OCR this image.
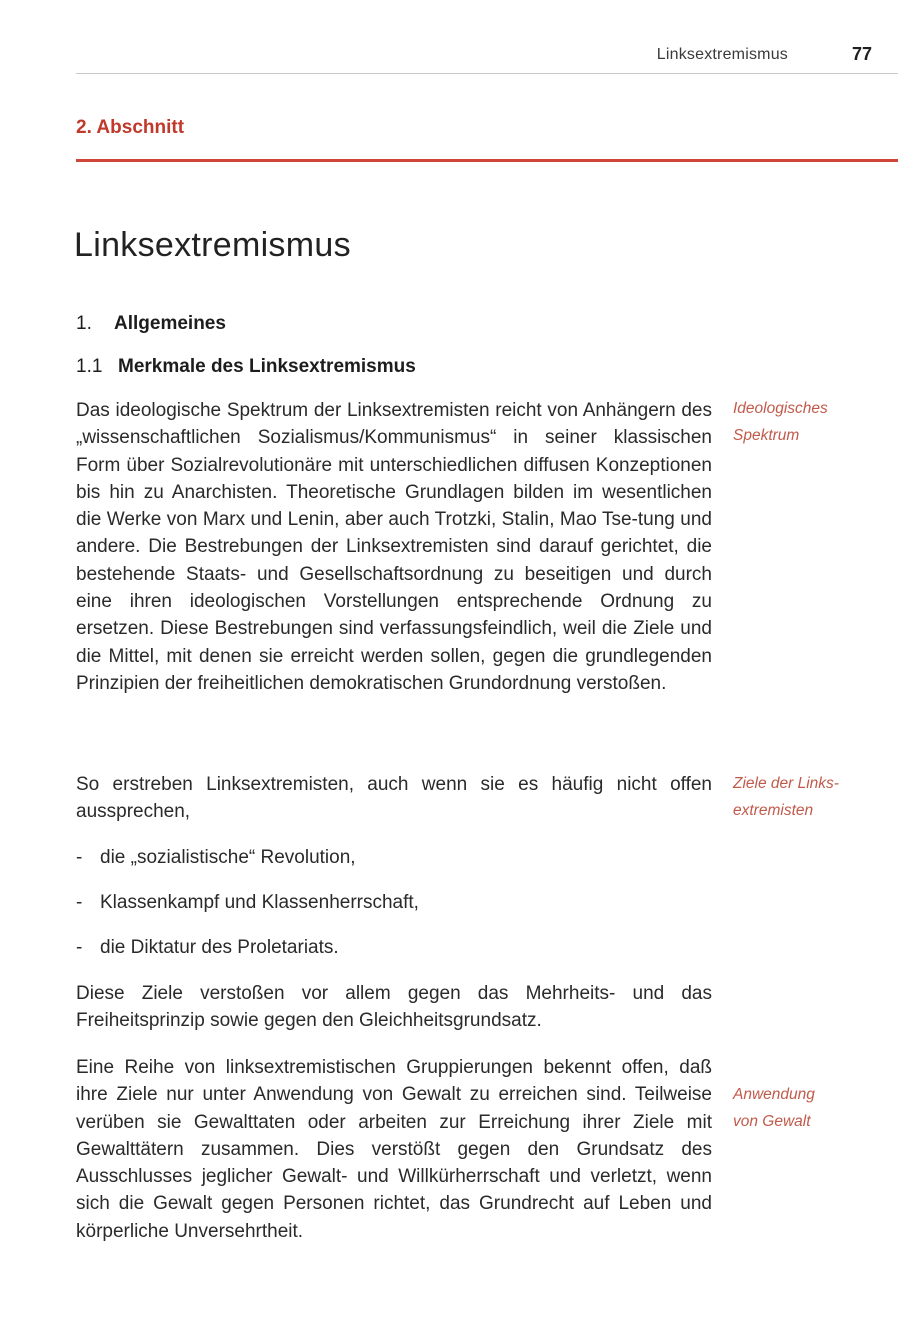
Linksextremismus	77
2. Abschnitt
Linksextremismus
1. Allgemeines
1.1 Merkmale des Linksextremismus

Das ideologische Spektrum der Linksextremisten reicht von Anhängern des „wissenschaftlichen Sozialismus/Kommunismus“ in seiner klassischen Form über Sozialrevolutionäre mit unterschiedlichen diffusen Konzeptionen bis hin zu Anarchisten. Theoretische Grundlagen bilden im wesentlichen die Werke von Marx und Lenin, aber auch Trotzki, Stalin, Mao Tse-tung und andere. Die Bestrebungen der Linksextremisten sind darauf gerichtet, die bestehende Staats- und Gesellschaftsordnung zu beseitigen und durch eine ihren ideologischen Vorstellungen entsprechende Ordnung zu ersetzen. Diese Bestrebungen sind verfassungsfeindlich, weil die Ziele und die Mittel, mit denen sie erreicht werden sollen, gegen die grundlegenden Prinzipien der freiheitlichen demokratischen Grundordnung verstoßen.

Ideologisches
Spektrum

So erstreben Linksextremisten, auch wenn sie es häufig nicht offen aussprechen,

Ziele der Links-
extremisten
- die „sozialistische“ Revolution,
- Klassenkampf und Klassenherrschaft,
- die Diktatur des Proletariats.

Diese Ziele verstoßen vor allem gegen das Mehrheits- und das Freiheitsprinzip sowie gegen den Gleichheitsgrundsatz.

Eine Reihe von linksextremistischen Gruppierungen bekennt offen, daß ihre Ziele nur unter Anwendung von Gewalt zu erreichen sind. Teilweise verüben sie Gewalttaten oder arbeiten zur Erreichung ihrer Ziele mit Gewalttätern zusammen. Dies verstößt gegen den Grundsatz des Ausschlusses jeglicher Gewalt- und Willkürherrschaft und verletzt, wenn sich die Gewalt gegen Personen richtet, das Grundrecht auf Leben und körperliche Unversehrtheit.

Anwendung
von Gewalt
